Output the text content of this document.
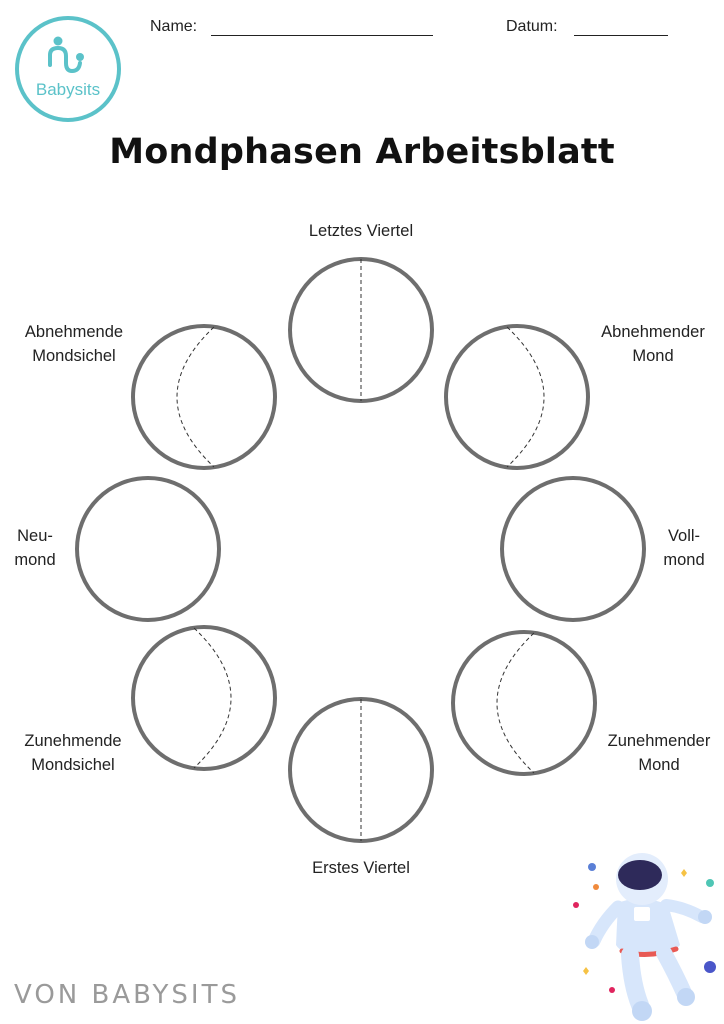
Babysits
Name:	Datum:
Mondphasen Arbeitsblatt
Letztes Viertel
Abnehmender
Mond
Voll-
mond
Zunehmender
Mond
Erstes Viertel
Zunehmende
Mondsichel
Neu-
mond
Abnehmende
Mondsichel
VON BABYSITS
